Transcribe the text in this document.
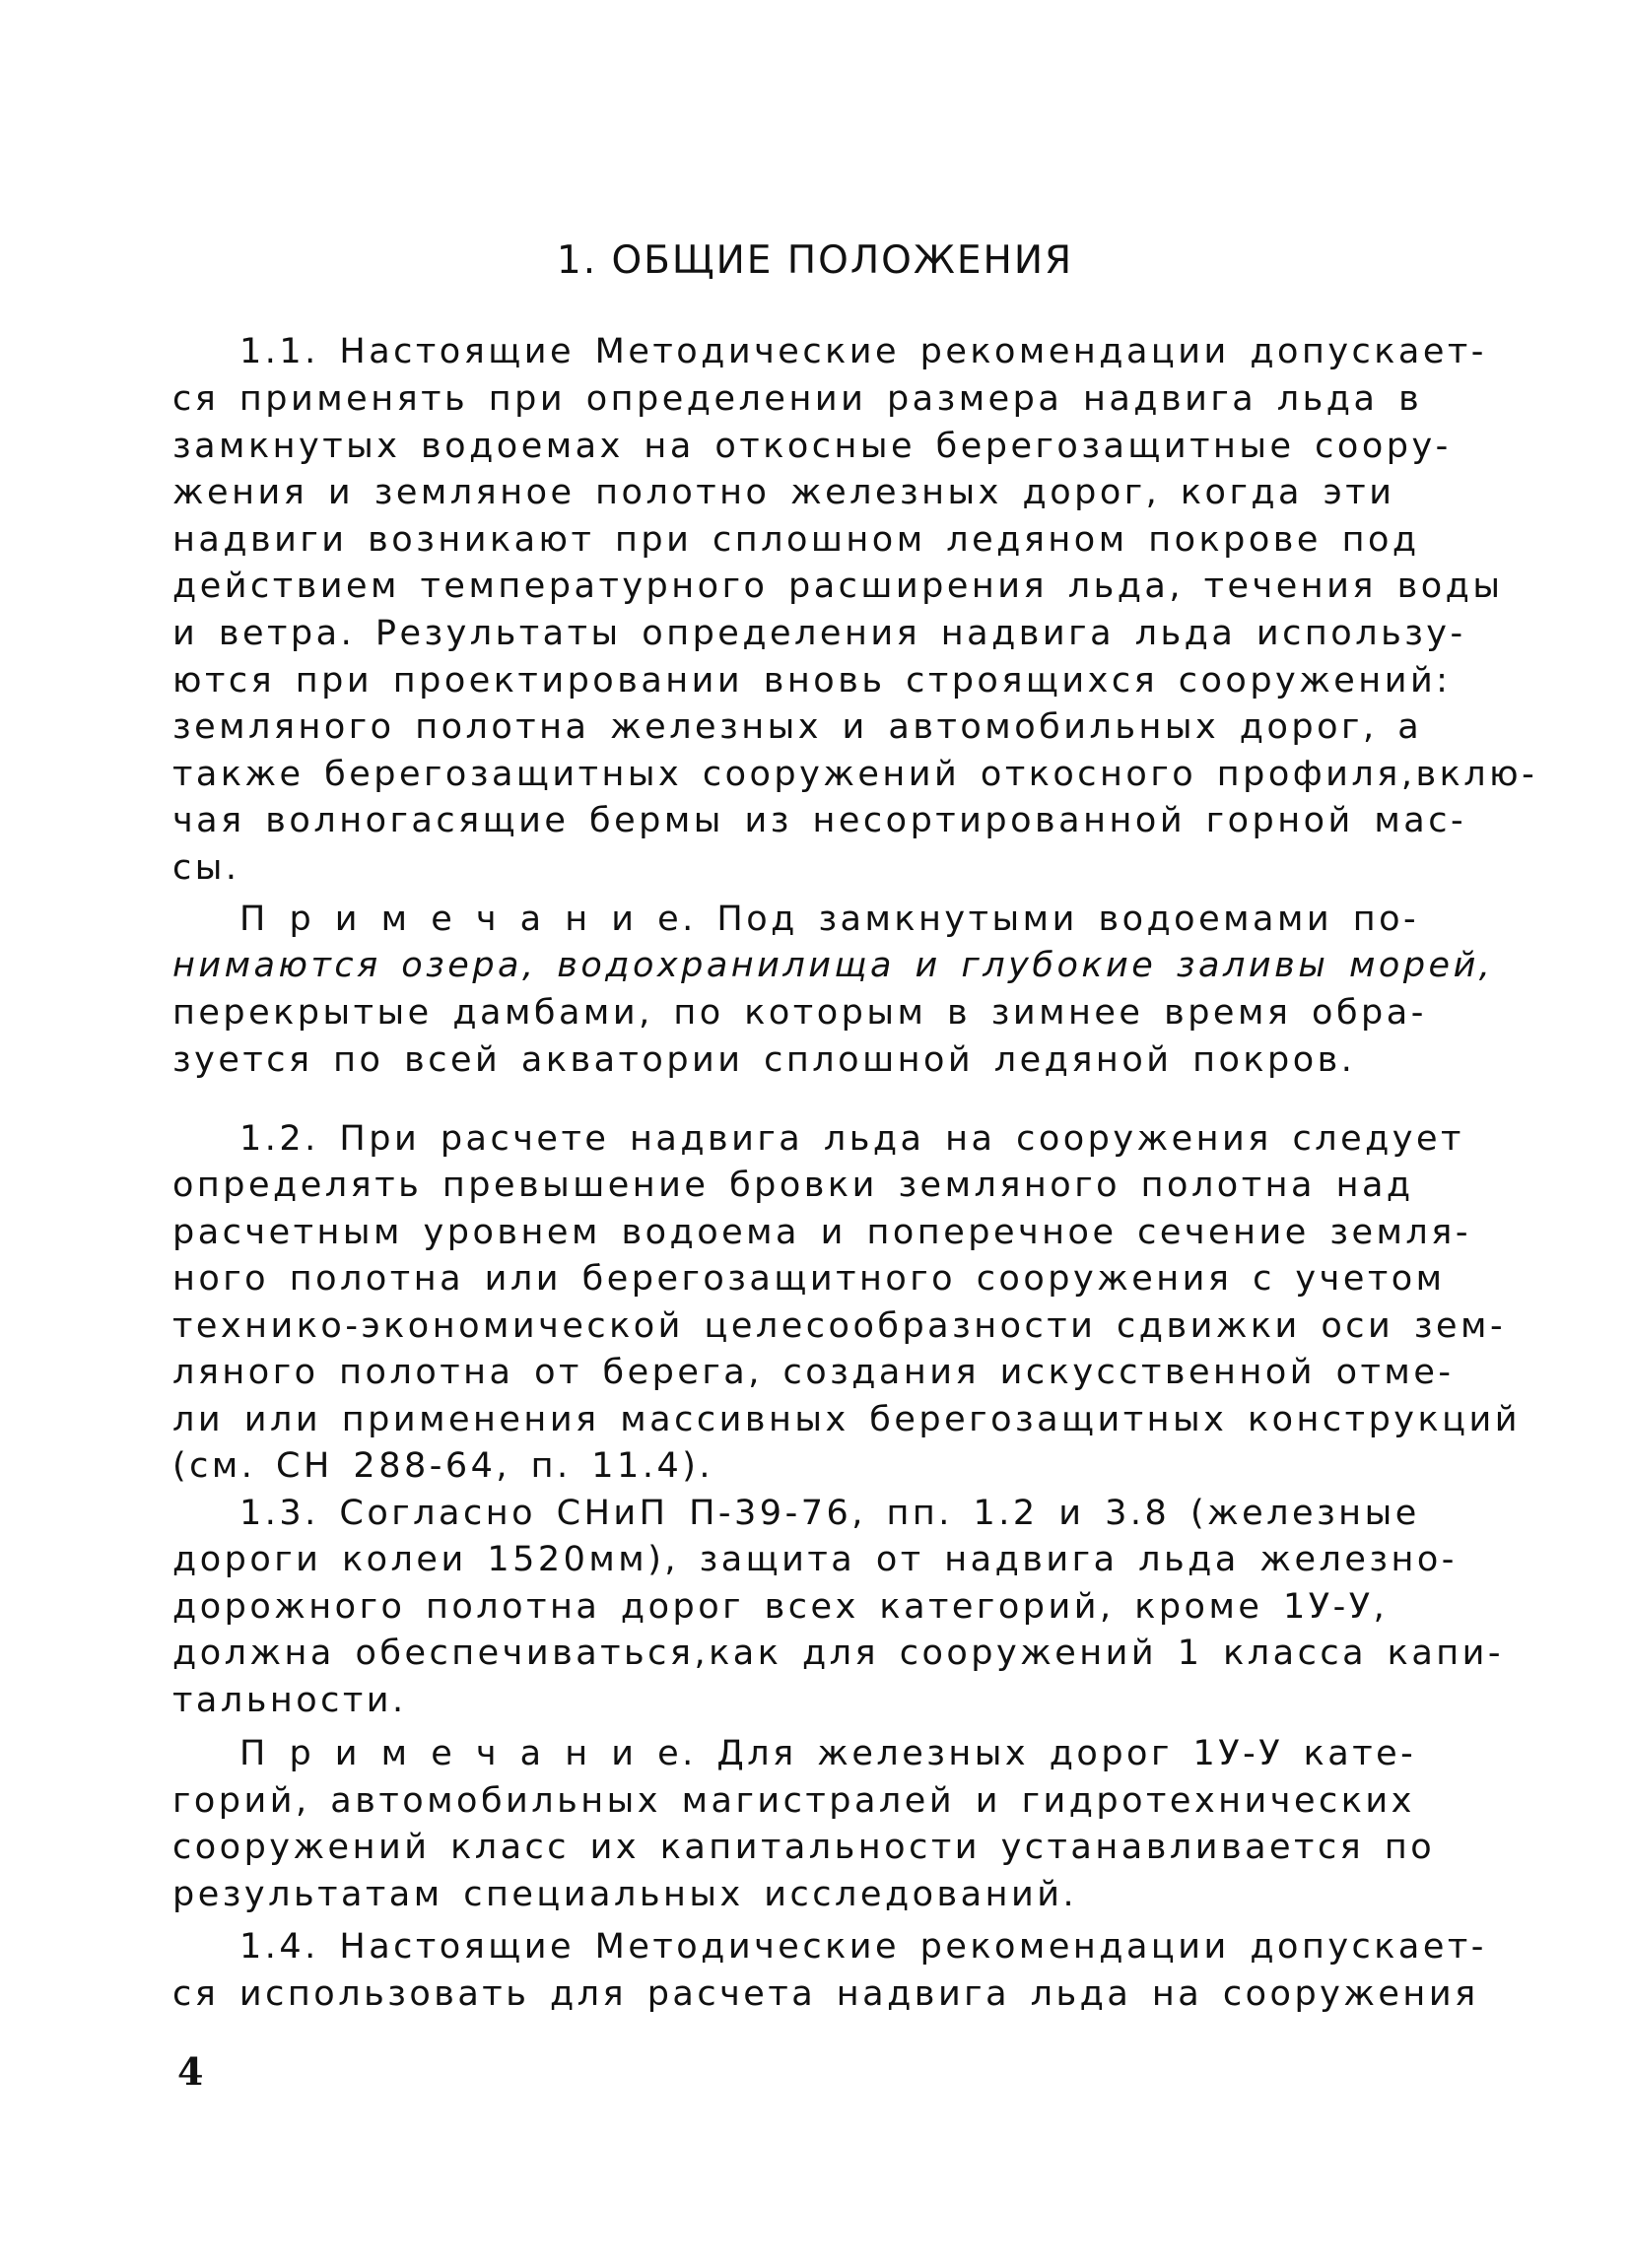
1. ОБЩИЕ ПОЛОЖЕНИЯ

1.1. Настоящие Методические рекомендации допускает-

ся применять при определении размера надвига льда в

замкнутых водоемах на откосные берегозащитные соору-

жения и земляное полотно железных дорог, когда эти

надвиги возникают при сплошном ледяном покрове под

действием температурного расширения льда, течения воды

и ветра. Результаты определения надвига льда использу-

ются при проектировании вновь строящихся сооружений:

земляного полотна железных и автомобильных дорог, а

также берегозащитных сооружений откосного профиля,вклю-

чая волногасящие бермы из несортированной горной мас-

сы.

П р и м е ч а н и е. Под замкнутыми водоемами по-

нимаются озера, водохранилища и глубокие заливы морей,

перекрытые дамбами, по которым в зимнее время обра-

зуется по всей акватории сплошной ледяной покров.

1.2. При расчете надвига льда на сооружения следует

определять превышение бровки земляного полотна над

расчетным уровнем водоема и поперечное сечение земля-

ного полотна или берегозащитного сооружения с учетом

технико-экономической целесообразности сдвижки оси зем-

ляного полотна от берега, создания искусственной отме-

ли или применения массивных берегозащитных конструкций

(см. СН 288-64, п. 11.4).

1.3. Согласно СНиП П-39-76, пп. 1.2 и 3.8 (железные

дороги колеи 1520мм), защита от надвига льда железно-

дорожного полотна дорог всех категорий, кроме 1У-У,

должна обеспечиваться,как для сооружений 1 класса капи-

тальности.

П р и м е ч а н и е. Для железных дорог 1У-У кате-

горий, автомобильных магистралей и гидротехнических

сооружений класс их капитальности устанавливается по

результатам специальных исследований.

1.4. Настоящие Методические рекомендации допускает-

ся использовать для расчета надвига льда на сооружения

4
